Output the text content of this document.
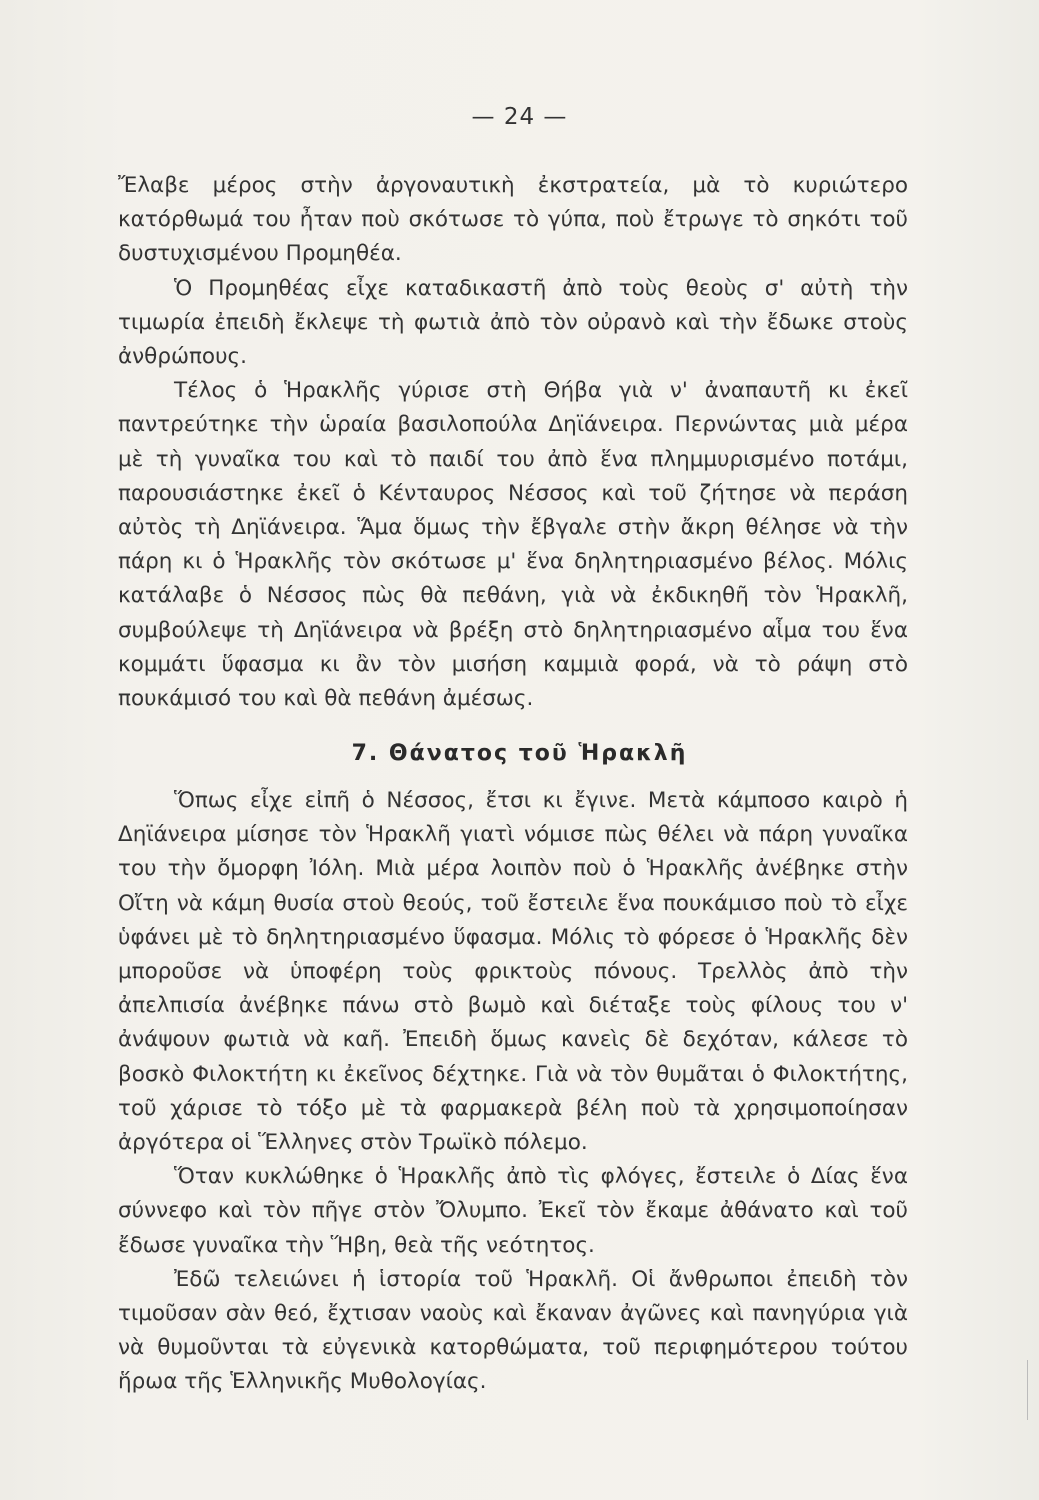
— 24 —

Ἔλαβε μέρος στὴν ἀργοναυτικὴ ἐκστρατεία, μὰ τὸ κυριώτερο κατόρθωμά του ἦταν ποὺ σκότωσε τὸ γύπα, ποὺ ἔτρωγε τὸ σηκότι τοῦ δυστυχισμένου Προμηθέα.

Ὁ Προμηθέας εἶχε καταδικαστῆ ἀπὸ τοὺς θεοὺς σ' αὐτὴ τὴν τιμωρία ἐπειδὴ ἔκλεψε τὴ φωτιὰ ἀπὸ τὸν οὐρανὸ καὶ τὴν ἔδωκε στοὺς ἀνθρώπους.

Τέλος ὁ Ἡρακλῆς γύρισε στὴ Θήβα γιὰ ν' ἀναπαυτῆ κι ἐκεῖ παντρεύτηκε τὴν ὡραία βασιλοπούλα Δηϊάνειρα. Περνώντας μιὰ μέρα μὲ τὴ γυναῖκα του καὶ τὸ παιδί του ἀπὸ ἕνα πλημμυρισμένο ποτάμι, παρουσιάστηκε ἐκεῖ ὁ Κένταυρος Νέσσος καὶ τοῦ ζήτησε νὰ περάση αὐτὸς τὴ Δηϊάνειρα. Ἅμα ὅμως τὴν ἔβγαλε στὴν ἄκρη θέλησε νὰ τὴν πάρη κι ὁ Ἡρακλῆς τὸν σκότωσε μ' ἕνα δηλητηριασμένο βέλος. Μόλις κατάλαβε ὁ Νέσσος πὼς θὰ πεθάνη, γιὰ νὰ ἐκδικηθῆ τὸν Ἡρακλῆ, συμβούλεψε τὴ Δηϊάνειρα νὰ βρέξη στὸ δηλητηριασμένο αἷμα του ἕνα κομμάτι ὕφασμα κι ἂν τὸν μισήση καμμιὰ φορά, νὰ τὸ ράψη στὸ πουκάμισό του καὶ θὰ πεθάνη ἀμέσως.

7. Θάνατος τοῦ Ἡρακλῆ

Ὅπως εἶχε εἰπῆ ὁ Νέσσος, ἔτσι κι ἔγινε. Μετὰ κάμποσο καιρὸ ἡ Δηϊάνειρα μίσησε τὸν Ἡρακλῆ γιατὶ νόμισε πὼς θέλει νὰ πάρη γυναῖκα του τὴν ὄμορφη Ἰόλη. Μιὰ μέρα λοιπὸν ποὺ ὁ Ἡρακλῆς ἀνέβηκε στὴν Οἴτη νὰ κάμη θυσία στοὺ θεούς, τοῦ ἔστειλε ἕνα πουκάμισο ποὺ τὸ εἶχε ὑφάνει μὲ τὸ δηλητηριασμένο ὕφασμα. Μόλις τὸ φόρεσε ὁ Ἡρακλῆς δὲν μποροῦσε νὰ ὑποφέρη τοὺς φρικτοὺς πόνους. Τρελλὸς ἀπὸ τὴν ἀπελπισία ἀνέβηκε πάνω στὸ βωμὸ καὶ διέταξε τοὺς φίλους του ν' ἀνάψουν φωτιὰ νὰ καῆ. Ἐπειδὴ ὅμως κανεὶς δὲ δεχόταν, κάλεσε τὸ βοσκὸ Φιλοκτήτη κι ἐκεῖνος δέχτηκε. Γιὰ νὰ τὸν θυμᾶται ὁ Φιλοκτήτης, τοῦ χάρισε τὸ τόξο μὲ τὰ φαρμακερὰ βέλη ποὺ τὰ χρησιμοποίησαν ἀργότερα οἱ Ἕλληνες στὸν Τρωϊκὸ πόλεμο.

Ὅταν κυκλώθηκε ὁ Ἡρακλῆς ἀπὸ τὶς φλόγες, ἔστειλε ὁ Δίας ἕνα σύννεφο καὶ τὸν πῆγε στὸν Ὄλυμπο. Ἐκεῖ τὸν ἔκαμε ἀθάνατο καὶ τοῦ ἔδωσε γυναῖκα τὴν Ἥβη, θεὰ τῆς νεότητος.

Ἐδῶ τελειώνει ἡ ἱστορία τοῦ Ἡρακλῆ. Οἱ ἄνθρωποι ἐπειδὴ τὸν τιμοῦσαν σὰν θεό, ἔχτισαν ναοὺς καὶ ἔκαναν ἀγῶνες καὶ πανηγύρια γιὰ νὰ θυμοῦνται τὰ εὐγενικὰ κατορθώματα, τοῦ περιφημότερου τούτου ἥρωα τῆς Ἑλληνικῆς Μυθολογίας.
